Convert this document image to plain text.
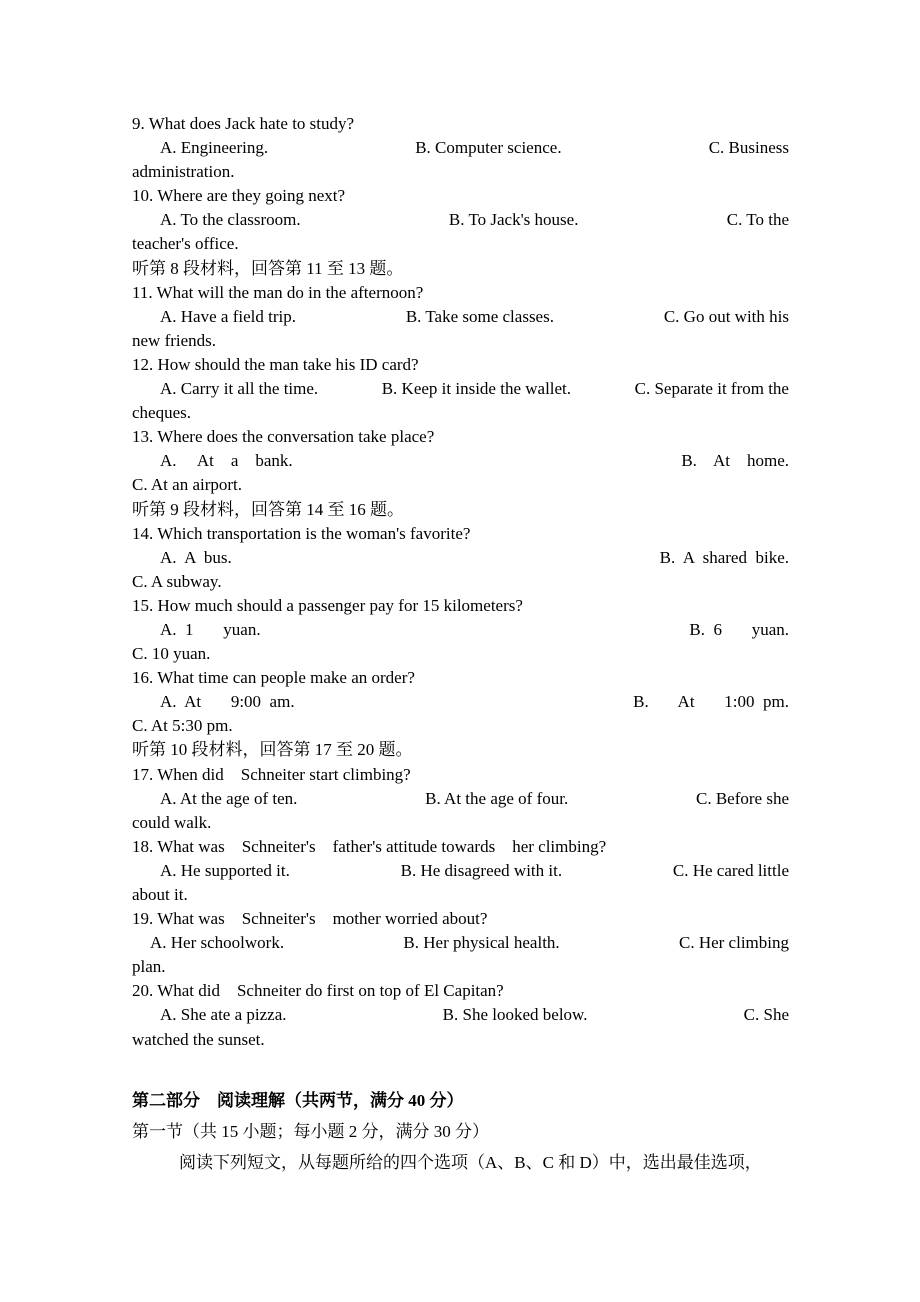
9. What does Jack hate to study?
A. Engineering.	B. Computer science.	C. Business
administration.
10. Where are they going next?
A. To the classroom.	B. To Jack's house.	C. To the
teacher's office.
听第 8 段材料，回答第 11 至 13 题。
11. What will the man do in the afternoon?
A. Have a field trip.	B. Take some classes.	C. Go out with his
new friends.
12. How should the man take his ID card?
A. Carry it all the time.	B. Keep it inside the wallet.	C. Separate it from the
cheques.
13. Where does the conversation take place?
A.     At    a    bank.	B.    At    home.
C. At an airport.
听第 9 段材料，回答第 14 至 16 题。
14. Which transportation is the woman's favorite?
A.  A  bus.	B.  A  shared  bike.
C. A subway.
15. How much should a passenger pay for 15 kilometers?
A.  1       yuan.	B.  6       yuan.
C. 10 yuan.
16. What time can people make an order?
A.  At       9:00  am.	B.       At       1:00  pm.
C. At 5:30 pm.
听第 10 段材料，回答第 17 至 20 题。
17. When did    Schneiter start climbing?
A. At the age of ten.	B. At the age of four.	C. Before she
could walk.
18. What was    Schneiter's    father's attitude towards    her climbing?
A. He supported it.	B. He disagreed with it.	C. He cared little
about it.
19. What was    Schneiter's    mother worried about?
A. Her schoolwork.	B. Her physical health.	C. Her climbing
plan.
20. What did    Schneiter do first on top of El Capitan?
A. She ate a pizza.	B. She looked below.	C. She
watched the sunset.
第二部分    阅读理解（共两节，满分 40 分）
第一节（共 15 小题；每小题 2 分，满分 30 分）
阅读下列短文，从每题所给的四个选项（A、B、C 和 D）中，选出最佳选项，
